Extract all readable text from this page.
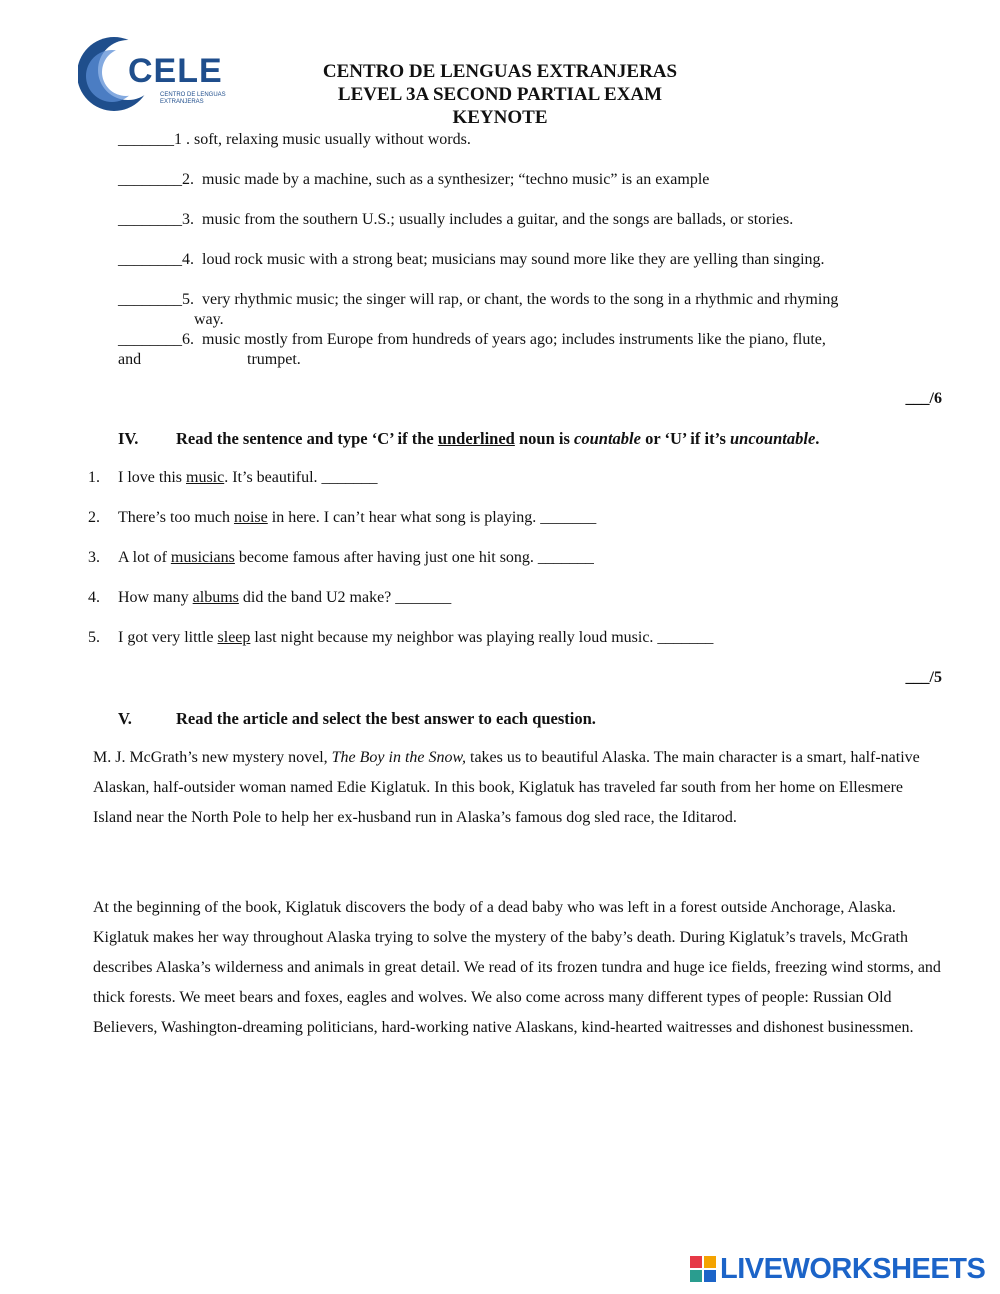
CELE
CENTRO DE LENGUAS EXTRANJERAS
CENTRO DE LENGUAS EXTRANJERAS
LEVEL 3A SECOND PARTIAL EXAM
KEYNOTE
_______1 . soft, relaxing music usually without words.
________2. music made by a machine, such as a synthesizer; “techno music” is an example
________3. music from the southern U.S.; usually includes a guitar, and the songs are ballads, or stories.
________4. loud rock music with a strong beat; musicians may sound more like they are yelling than singing.
________5. very rhythmic music; the singer will rap, or chant, the words to the song in a rhythmic and rhyming
way.
________6. music mostly from Europe from hundreds of years ago; includes instruments like the piano, flute,
and	trumpet.
___/6
IV. Read the sentence and type ‘C’ if the underlined noun is countable or ‘U’ if it’s uncountable.
1. I love this music. It’s beautiful. _______
2. There’s too much noise in here. I can’t hear what song is playing. _______
3. A lot of musicians become famous after having just one hit song. _______
4. How many albums did the band U2 make? _______
5. I got very little sleep last night because my neighbor was playing really loud music. _______
___/5
V.	Read the article and select the best answer to each question.
M. J. McGrath’s new mystery novel, The Boy in the Snow, takes us to beautiful Alaska. The main character is a smart, half-native Alaskan, half-outsider woman named Edie Kiglatuk. In this book, Kiglatuk has traveled far south from her home on Ellesmere Island near the North Pole to help her ex-husband run in Alaska’s famous dog sled race, the Iditarod.
At the beginning of the book, Kiglatuk discovers the body of a dead baby who was left in a forest outside Anchorage, Alaska. Kiglatuk makes her way throughout Alaska trying to solve the mystery of the baby’s death. During Kiglatuk’s travels, McGrath describes Alaska’s wilderness and animals in great detail. We read of its frozen tundra and huge ice fields, freezing wind storms, and thick forests. We meet bears and foxes, eagles and wolves. We also come across many different types of people: Russian Old Believers, Washington-dreaming politicians, hard-working native Alaskans, kind-hearted waitresses and dishonest businessmen.
LIVEWORKSHEETS
